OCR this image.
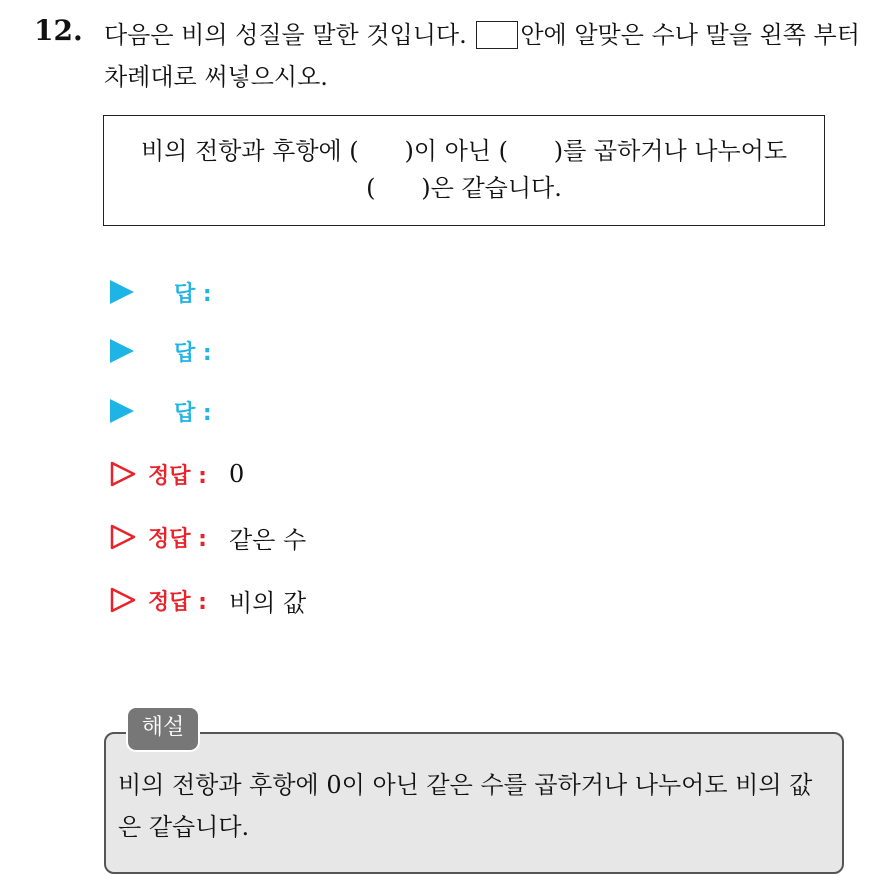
12. 다음은 비의 성질을 말한 것입니다. 안에 알맞은 수나 말을 왼쪽 부터 차례대로 써넣으시오.
비의 전항과 후항에 (      )이 아닌 (      )를 곱하거나 나누어도
(      )은 같습니다.
답 :
답 :
답 :
정답 : 0
정답 : 같은 수
정답 : 비의 값
해설
비의 전항과 후항에 0이 아닌 같은 수를 곱하거나 나누어도 비의 값은 같습니다.
